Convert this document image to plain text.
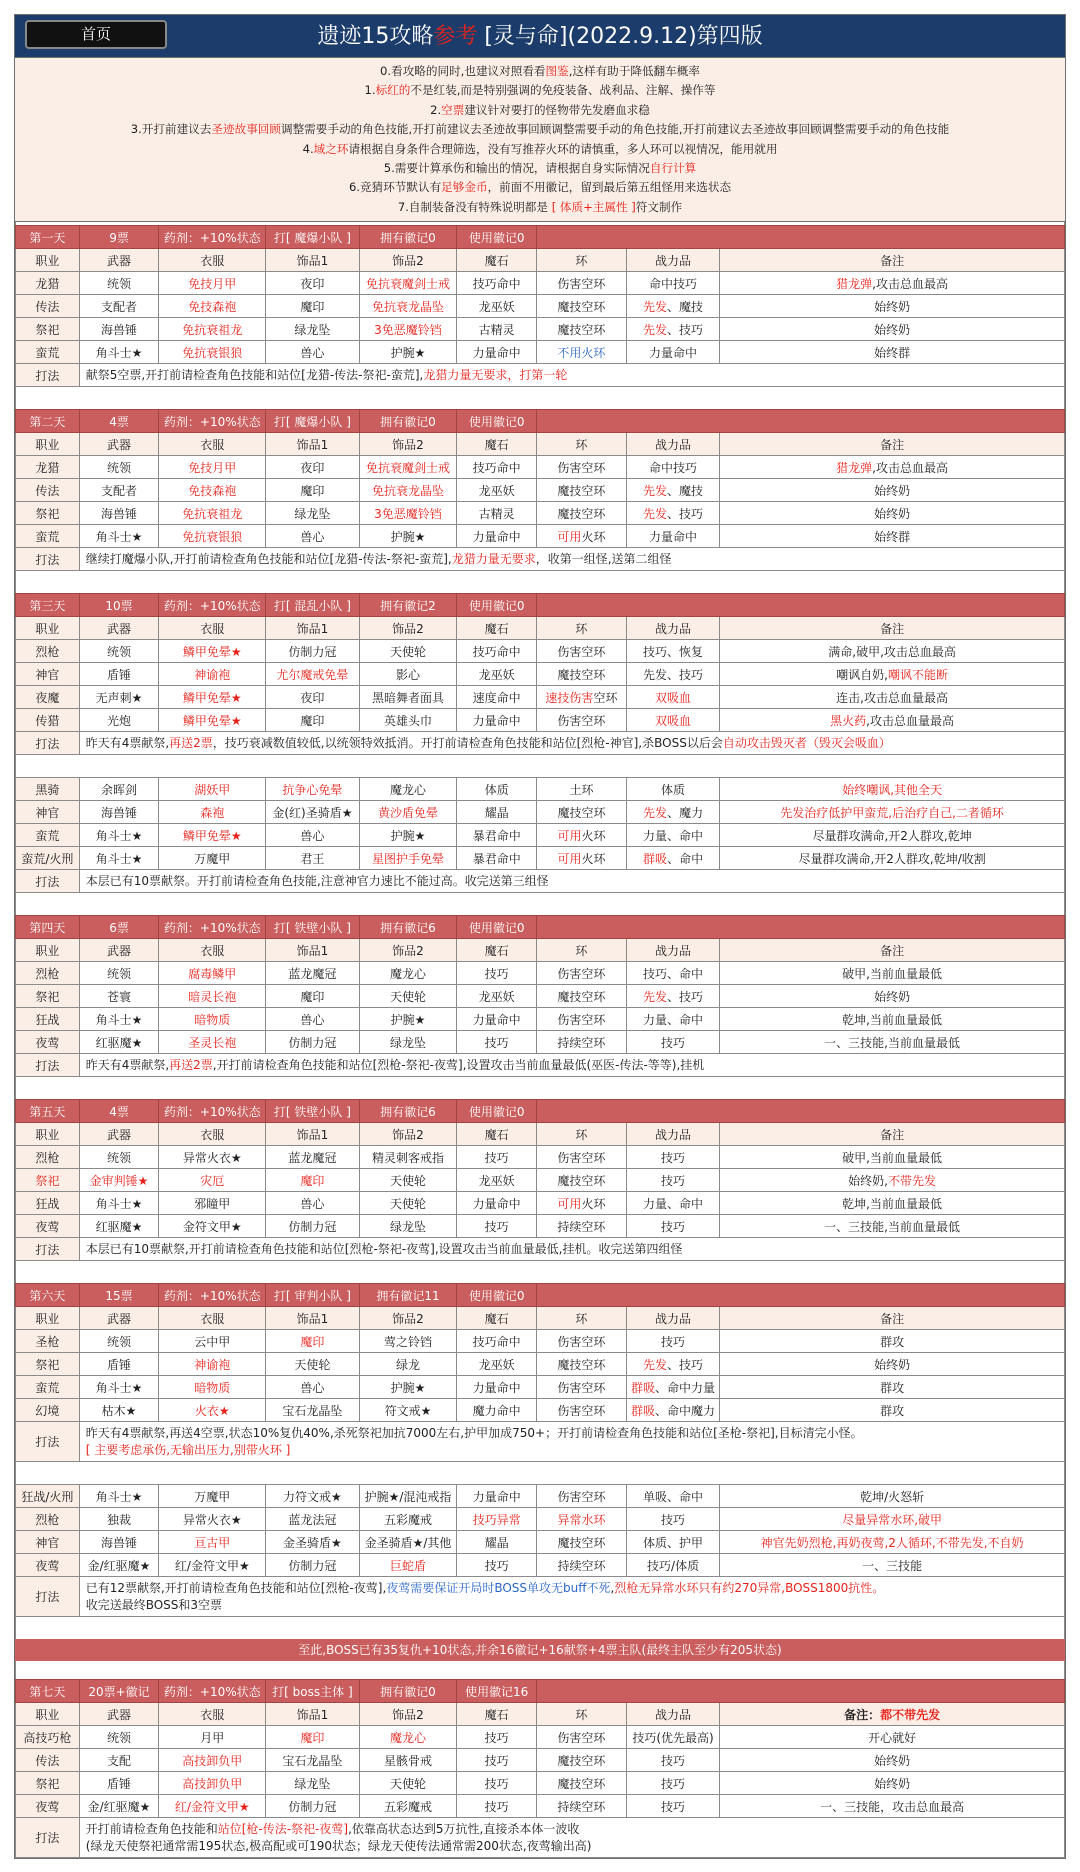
首页	遗迹15攻略参考 [灵与命](2022.9.12)第四版
0.看攻略的同时,也建议对照看看图鉴,这样有助于降低翻车概率
1.标红的不是红装,而是特别强调的免疫装备、战利品、注解、操作等
2.空票建议针对要打的怪物带先发磨血求稳
3.开打前建议去圣迹故事回顾调整需要手动的角色技能,开打前建议去圣迹故事回顾调整需要手动的角色技能,开打前建议去圣迹故事回顾调整需要手动的角色技能
4.域之环请根据自身条件合理筛选，没有写推荐火环的请慎重，多人环可以视情况，能用就用
5.需要计算承伤和输出的情况，请根据自身实际情况自行计算
6.竞猜环节默认有足够金币，前面不用徽记，留到最后第五组怪用来选状态
7.自制装备没有特殊说明都是 [ 体质+主属性 ]符文制作
第一天	9票	药剂：+10%状态	打[ 魔爆小队 ]	拥有徽记0	使用徽记0			
职业	武器	衣服	饰品1	饰品2	魔石	环	战力品	备注
龙猎	统领	免技月甲	夜印	免抗衰魔剑士戒	技巧命中	伤害空环	命中技巧	猎龙弹,攻击总血最高
传法	支配者	免技森袍	魔印	免抗衰龙晶坠	龙巫妖	魔技空环	先发、魔技	始终奶
祭祀	海兽锤	免抗衰祖龙	绿龙坠	3免恶魔铃铛	古精灵	魔技空环	先发、技巧	始终奶
蛮荒	角斗士★	免抗衰银狼	兽心	护腕★	力量命中	不用火环	力量命中	始终群
打法	献祭5空票,开打前请检查角色技能和站位[龙猎-传法-祭祀-蛮荒],龙猎力量无要求，打第一轮							
第二天	4票	药剂：+10%状态	打[ 魔爆小队 ]	拥有徽记0	使用徽记0			
职业	武器	衣服	饰品1	饰品2	魔石	环	战力品	备注
龙猎	统领	免技月甲	夜印	免抗衰魔剑士戒	技巧命中	伤害空环	命中技巧	猎龙弹,攻击总血最高
传法	支配者	免技森袍	魔印	免抗衰龙晶坠	龙巫妖	魔技空环	先发、魔技	始终奶
祭祀	海兽锤	免抗衰祖龙	绿龙坠	3免恶魔铃铛	古精灵	魔技空环	先发、技巧	始终奶
蛮荒	角斗士★	免抗衰银狼	兽心	护腕★	力量命中	可用火环	力量命中	始终群
打法	继续打魔爆小队,开打前请检查角色技能和站位[龙猎-传法-祭祀-蛮荒],龙猎力量无要求，收第一组怪,送第二组怪							
第三天	10票	药剂：+10%状态	打[ 混乱小队 ]	拥有徽记2	使用徽记0			
职业	武器	衣服	饰品1	饰品2	魔石	环	战力品	备注
烈枪	统领	鳞甲免晕★	仿制力冠	天使轮	技巧命中	伤害空环	技巧、恢复	满命,破甲,攻击总血最高
神官	盾锤	神谕袍	尤尔魔戒免晕	影心	龙巫妖	魔技空环	先发、技巧	嘲讽自奶,嘲讽不能断
夜魔	无声刺★	鳞甲免晕★	夜印	黑暗舞者面具	速度命中	速技伤害空环	双吸血	连击,攻击总血量最高
传猎	光炮	鳞甲免晕★	魔印	英雄头巾	力量命中	伤害空环	双吸血	黑火药,攻击总血量最高
打法	昨天有4票献祭,再送2票，技巧衰减数值较低,以统领特效抵消。开打前请检查角色技能和站位[烈枪-神官],杀BOSS以后会自动攻击毁灭者（毁灭会吸血）							
黑骑	余晖剑	湖妖甲	抗争心免晕	魔龙心	体质	土环	体质	始终嘲讽,其他全天
神官	海兽锤	森袍	金(红)圣骑盾★	黄沙盾免晕	耀晶	魔技空环	先发、魔力	先发治疗低护甲蛮荒,后治疗自己,二者循环
蛮荒	角斗士★	鳞甲免晕★	兽心	护腕★	暴君命中	可用火环	力量、命中	尽量群攻满命,开2人群攻,乾坤
蛮荒/火刑	角斗士★	万魔甲	君王	星图护手免晕	暴君命中	可用火环	群吸、命中	尽量群攻满命,开2人群攻,乾坤/收割
打法	本层已有10票献祭。开打前请检查角色技能,注意神官力速比不能过高。收完送第三组怪							
第四天	6票	药剂：+10%状态	打[ 铁壁小队 ]	拥有徽记6	使用徽记0			
职业	武器	衣服	饰品1	饰品2	魔石	环	战力品	备注
烈枪	统领	腐毒鳞甲	蓝龙魔冠	魔龙心	技巧	伤害空环	技巧、命中	破甲,当前血量最低
祭祀	苍寰	暗灵长袍	魔印	天使轮	龙巫妖	魔技空环	先发、技巧	始终奶
狂战	角斗士★	暗物质	兽心	护腕★	力量命中	伤害空环	力量、命中	乾坤,当前血量最低
夜莺	红驱魔★	圣灵长袍	仿制力冠	绿龙坠	技巧	持续空环	技巧	一、三技能,当前血量最低
打法	昨天有4票献祭,再送2票,开打前请检查角色技能和站位[烈枪-祭祀-夜莺],设置攻击当前血量最低(巫医-传法-等等),挂机							
第五天	4票	药剂：+10%状态	打[ 铁壁小队 ]	拥有徽记6	使用徽记0			
职业	武器	衣服	饰品1	饰品2	魔石	环	战力品	备注
烈枪	统领	异常火衣★	蓝龙魔冠	精灵刺客戒指	技巧	伤害空环	技巧	破甲,当前血量最低
祭祀	金审判锤★	灾厄	魔印	天使轮	龙巫妖	魔技空环	技巧	始终奶,不带先发
狂战	角斗士★	邪瞳甲	兽心	天使轮	力量命中	可用火环	力量、命中	乾坤,当前血量最低
夜莺	红驱魔★	金符文甲★	仿制力冠	绿龙坠	技巧	持续空环	技巧	一、三技能,当前血量最低
打法	本层已有10票献祭,开打前请检查角色技能和站位[烈枪-祭祀-夜莺],设置攻击当前血量最低,挂机。收完送第四组怪							
第六天	15票	药剂：+10%状态	打[ 审判小队 ]	拥有徽记11	使用徽记0			
职业	武器	衣服	饰品1	饰品2	魔石	环	战力品	备注
圣枪	统领	云中甲	魔印	莺之铃铛	技巧命中	伤害空环	技巧	群攻
祭祀	盾锤	神谕袍	天使轮	绿龙	龙巫妖	魔技空环	先发、技巧	始终奶
蛮荒	角斗士★	暗物质	兽心	护腕★	力量命中	伤害空环	群吸、命中力量	群攻
幻境	枯木★	火衣★	宝石龙晶坠	符文戒★	魔力命中	伤害空环	群吸、命中魔力	群攻
打法	昨天有4票献祭,再送4空票,状态10%复仇40%,杀死祭祀加抗7000左右,护甲加成750+；开打前请检查角色技能和站位[圣枪-祭祀],目标清完小怪。
[ 主要考虑承伤,无输出压力,别带火环 ]							
狂战/火刑	角斗士★	万魔甲	力符文戒★	护腕★/混沌戒指	力量命中	伤害空环	单吸、命中	乾坤/火怒斩
烈枪	独裁	异常火衣★	蓝龙法冠	五彩魔戒	技巧异常	异常水环	技巧	尽量异常水环,破甲
神官	海兽锤	亘古甲	金圣骑盾★	金圣骑盾★/其他	耀晶	魔技空环	体质、护甲	神官先奶烈枪,再奶夜莺,2人循环,不带先发,不自奶
夜莺	金/红驱魔★	红/金符文甲★	仿制力冠	巨蛇盾	技巧	持续空环	技巧/体质	一、三技能
打法	已有12票献祭,开打前请检查角色技能和站位[烈枪-夜莺],夜莺需要保证开局时BOSS单攻无buff不死,烈枪无异常水环只有约270异常,BOSS1800抗性。
收完送最终BOSS和3空票							
至此,BOSS已有35复仇+10状态,并余16徽记+16献祭+4票主队(最终主队至少有205状态)
第七天	20票+徽记	药剂：+10%状态	打[ boss主体 ]	拥有徽记0	使用徽记16			
职业	武器	衣服	饰品1	饰品2	魔石	环	战力品	备注：都不带先发
高技巧枪	统领	月甲	魔印	魔龙心	技巧	伤害空环	技巧(优先最高)	开心就好
传法	支配	高技卸负甲	宝石龙晶坠	星骸骨戒	技巧	魔技空环	技巧	始终奶
祭祀	盾锤	高技卸负甲	绿龙坠	天使轮	技巧	魔技空环	技巧	始终奶
夜莺	金/红驱魔★	红/金符文甲★	仿制力冠	五彩魔戒	技巧	持续空环	技巧	一、三技能，攻击总血最高
打法	开打前请检查角色技能和站位[枪-传法-祭祀-夜莺],依靠高状态达到5万抗性,直接杀本体一波收
(绿龙天使祭祀通常需195状态,极高配或可190状态；绿龙天使传法通常需200状态,夜莺输出高)							
